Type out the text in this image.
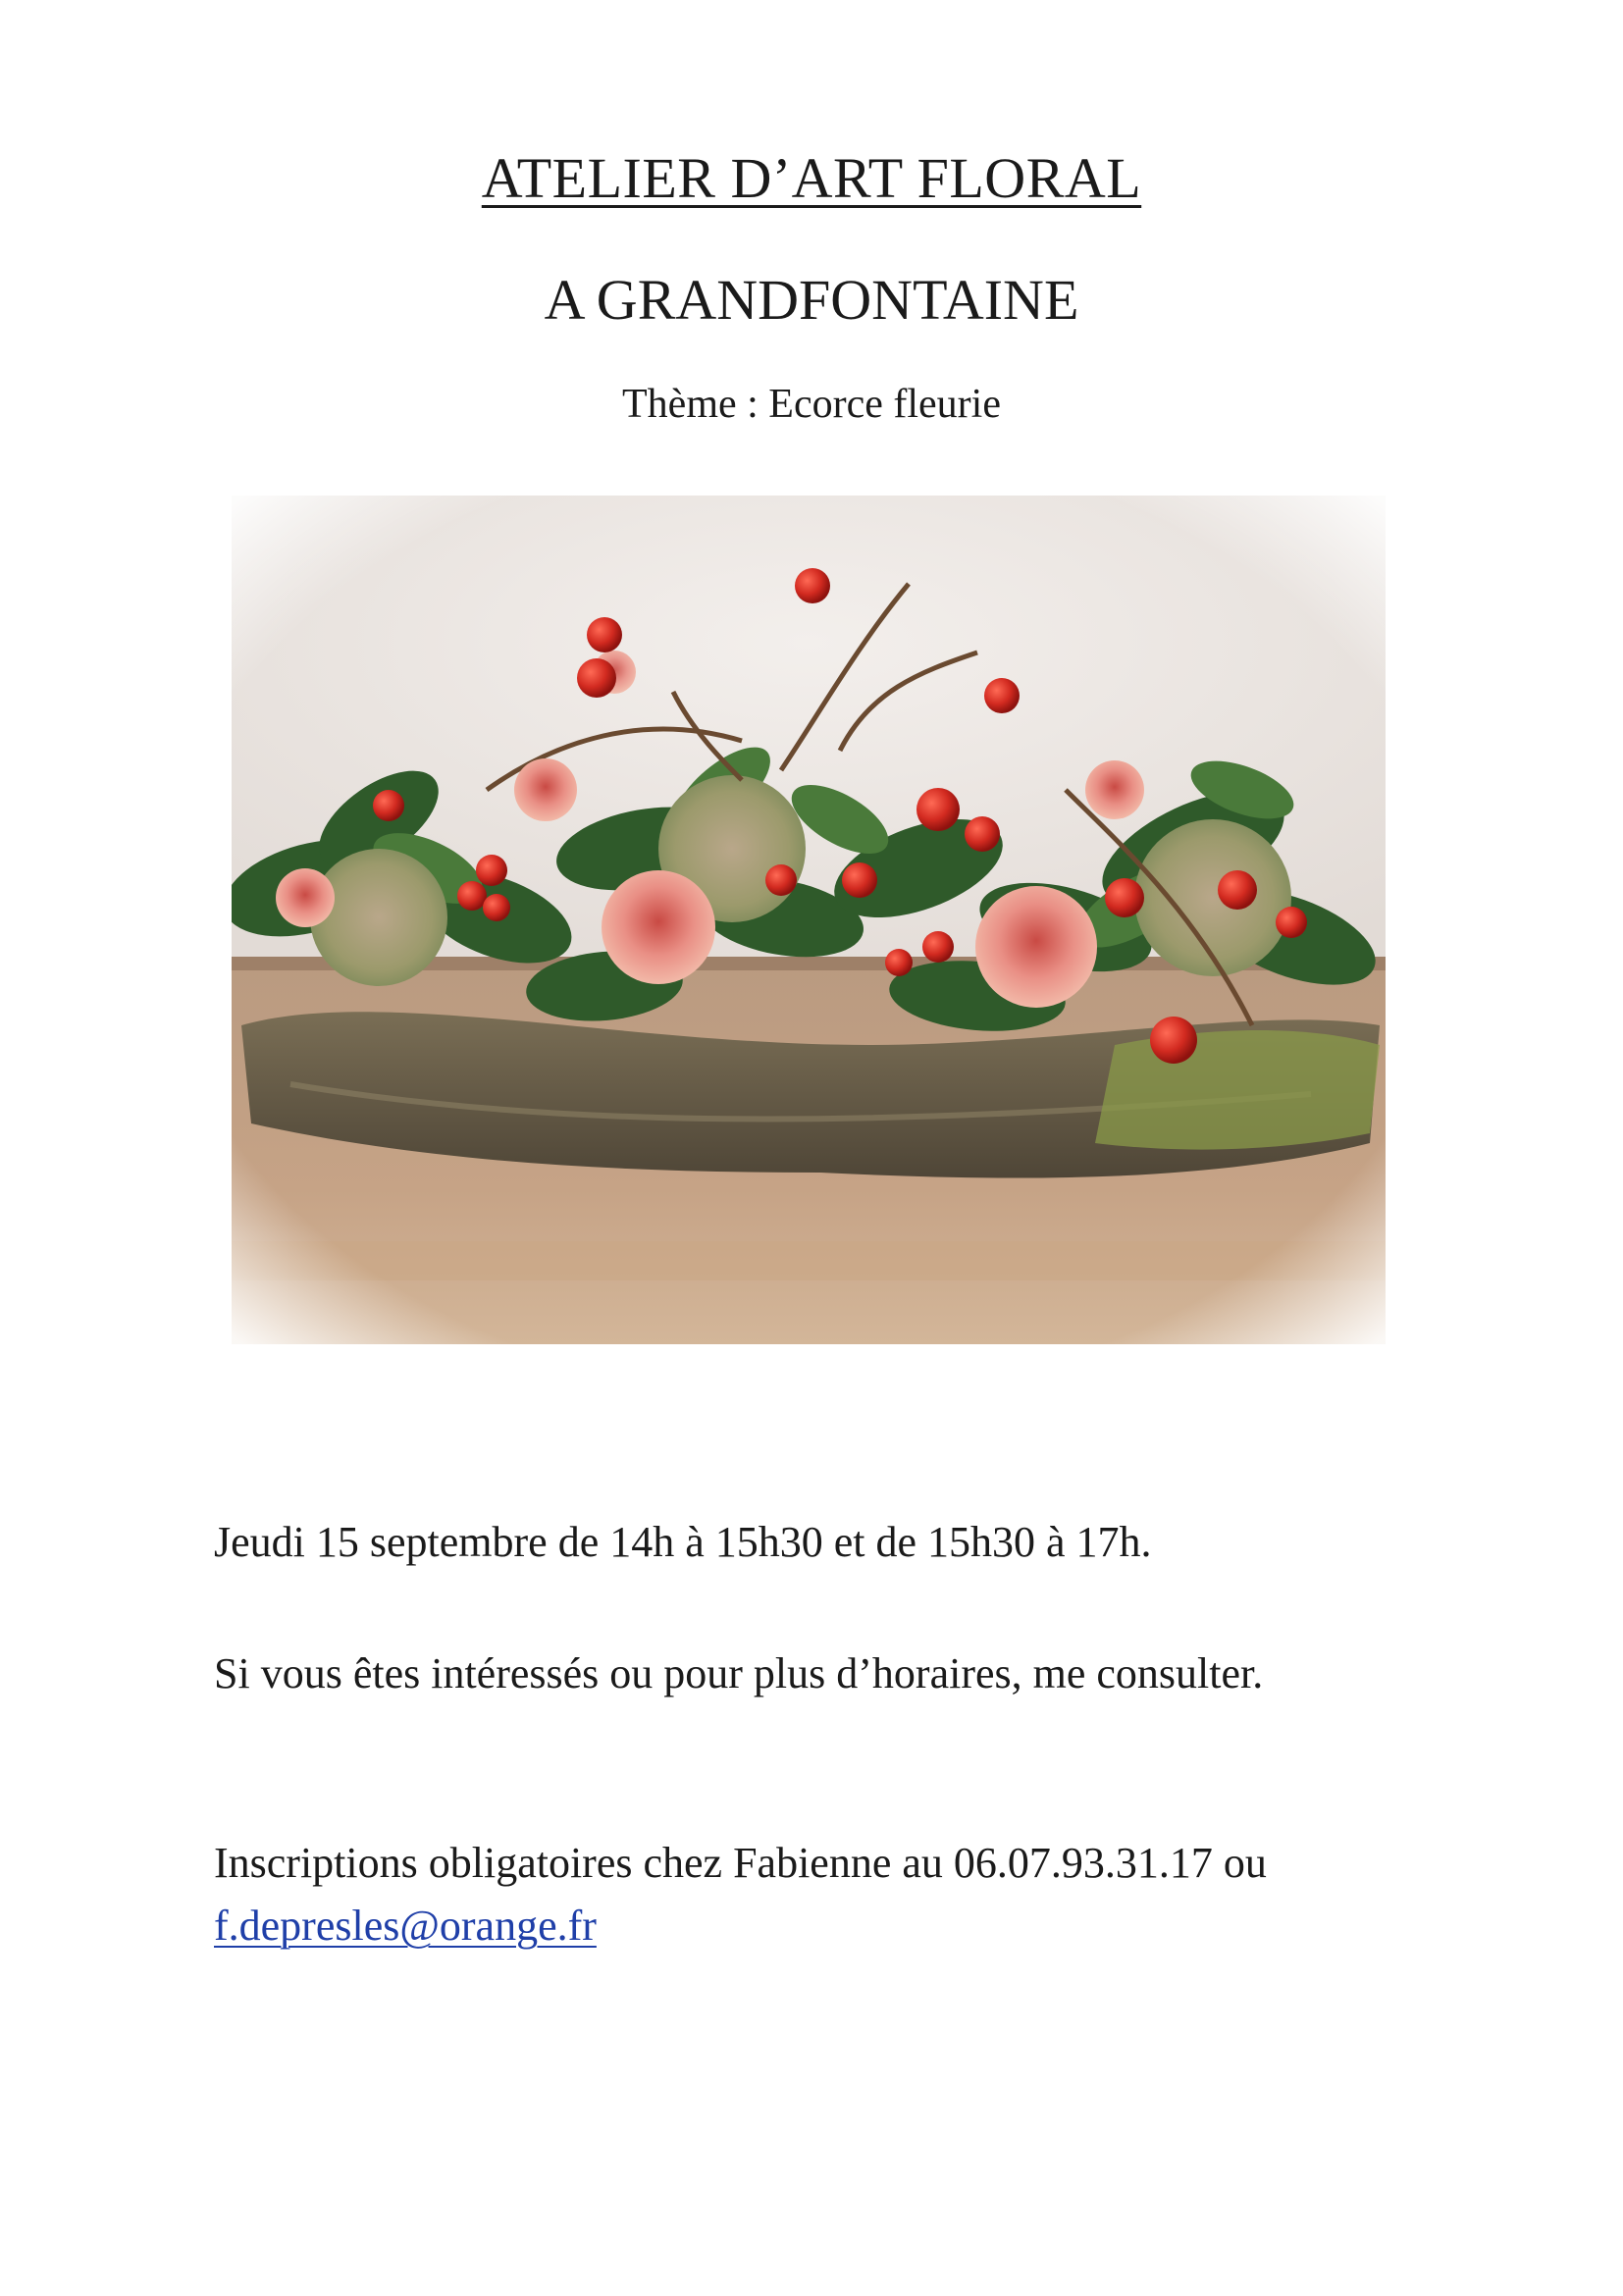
ATELIER D’ART FLORAL
A GRANDFONTAINE
Thème : Ecorce fleurie

Jeudi 15 septembre de 14h à 15h30 et de 15h30 à 17h.

Si vous êtes intéressés ou pour plus d’horaires, me consulter.

Inscriptions obligatoires chez Fabienne au 06.07.93.31.17 ou f.depresles@orange.fr
